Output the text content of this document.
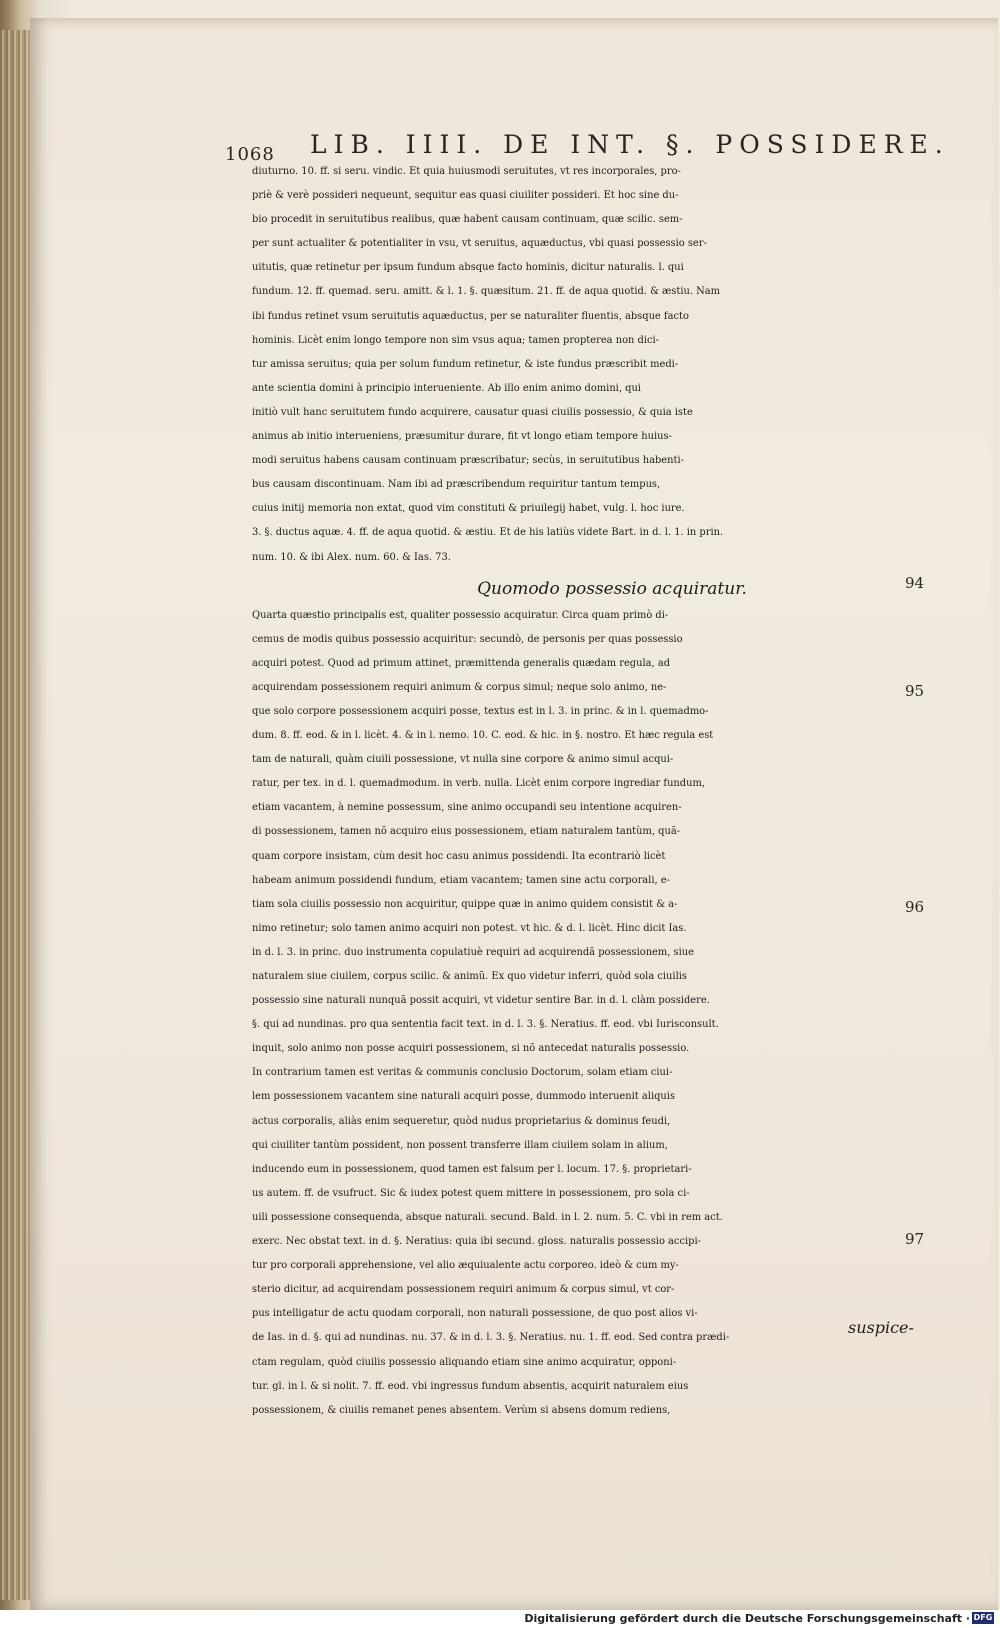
1068 LIB. IIII. DE INT. §. POSSIDERE.
diuturno. 10. ff. si seru. vindic. Et quia huiusmodi seruitutes, vt res incorporales, pro-
priè & verè possideri nequeunt, sequitur eas quasi ciuiliter possideri. Et hoc sine du-
bio procedit in seruitutibus realibus, quæ habent causam continuam, quæ scilic. sem-
per sunt actualiter & potentialiter in vsu, vt seruitus, aquæductus, vbi quasi possessio ser-
uitutis, quæ retinetur per ipsum fundum absque facto hominis, dicitur naturalis. l. qui
fundum. 12. ff. quemad. seru. amitt. & l. 1. §. quæsitum. 21. ff. de aqua quotid. & æstiu. Nam
ibi fundus retinet vsum seruitutis aquæductus, per se naturaliter fluentis, absque facto
hominis. Licèt enim longo tempore non sim vsus aqua; tamen propterea non dici-
tur amissa seruitus; quia per solum fundum retinetur, & iste fundus præscribit medi-
ante scientia domini à principio interueniente. Ab illo enim animo domini, qui
initiò vult hanc seruitutem fundo acquirere, causatur quasi ciuilis possessio, & quia iste
animus ab initio interueniens, præsumitur durare, fit vt longo etiam tempore huius-
modi seruitus habens causam continuam præscribatur; secùs, in seruitutibus habenti-
bus causam discontinuam. Nam ibi ad præscribendum requiritur tantum tempus,
cuius initij memoria non extat, quod vim constituti & priuilegij habet, vulg. l. hoc iure.
3. §. ductus aquæ. 4. ff. de aqua quotid. & æstiu. Et de his latiùs videte Bart. in d. l. 1. in prin.
num. 10. & ibi Alex. num. 60. & Ias. 73.
Quomodo possessio acquiratur.
Quarta quæstio principalis est, qualiter possessio acquiratur. Circa quam primò di-
cemus de modis quibus possessio acquiritur: secundò, de personis per quas possessio
acquiri potest. Quod ad primum attinet, præmittenda generalis quædam regula, ad
acquirendam possessionem requiri animum & corpus simul; neque solo animo, ne-
que solo corpore possessionem acquiri posse, textus est in l. 3. in princ. & in l. quemadmo-
dum. 8. ff. eod. & in l. licèt. 4. & in l. nemo. 10. C. eod. & hic. in §. nostro. Et hæc regula est
tam de naturali, quàm ciuili possessione, vt nulla sine corpore & animo simul acqui-
ratur, per tex. in d. l. quemadmodum. in verb. nulla. Licèt enim corpore ingrediar fundum,
etiam vacantem, à nemine possessum, sine animo occupandi seu intentione acquiren-
di possessionem, tamen nõ acquiro eius possessionem, etiam naturalem tantùm, quã-
quam corpore insistam, cùm desit hoc casu animus possidendi. Ita econtrariò licèt
habeam animum possidendi fundum, etiam vacantem; tamen sine actu corporali, e-
tiam sola ciuilis possessio non acquiritur, quippe quæ in animo quidem consistit & a-
nimo retinetur; solo tamen animo acquiri non potest. vt hic. & d. l. licèt. Hinc dicit Ias.
in d. l. 3. in princ. duo instrumenta copulatiuè requiri ad acquirendã possessionem, siue
naturalem siue ciuilem, corpus scilic. & animũ. Ex quo videtur inferri, quòd sola ciuilis
possessio sine naturali nunquã possit acquiri, vt videtur sentire Bar. in d. l. clàm possidere.
§. qui ad nundinas. pro qua sententia facit text. in d. l. 3. §. Neratius. ff. eod. vbi Iurisconsult.
inquit, solo animo non posse acquiri possessionem, si nõ antecedat naturalis possessio.
In contrarium tamen est veritas & communis conclusio Doctorum, solam etiam ciui-
lem possessionem vacantem sine naturali acquiri posse, dummodo interuenit aliquis
actus corporalis, aliàs enim sequeretur, quòd nudus proprietarius & dominus feudi,
qui ciuiliter tantùm possident, non possent transferre illam ciuilem solam in alium,
inducendo eum in possessionem, quod tamen est falsum per l. locum. 17. §. proprietari-
us autem. ff. de vsufruct. Sic & iudex potest quem mittere in possessionem, pro sola ci-
uili possessione consequenda, absque naturali. secund. Bald. in l. 2. num. 5. C. vbi in rem act.
exerc. Nec obstat text. in d. §. Neratius: quia ibi secund. gloss. naturalis possessio accipi-
tur pro corporali apprehensione, vel alio æquiualente actu corporeo. ideò & cum my-
sterio dicitur, ad acquirendam possessionem requiri animum & corpus simul, vt cor-
pus intelligatur de actu quodam corporali, non naturali possessione, de quo post alios vi-
de Ias. in d. §. qui ad nundinas. nu. 37. & in d. l. 3. §. Neratius. nu. 1. ff. eod. Sed contra prædi-
ctam regulam, quòd ciuilis possessio aliquando etiam sine animo acquiratur, opponi-
tur. gl. in l. & si nolit. 7. ff. eod. vbi ingressus fundum absentis, acquirit naturalem eius
possessionem, & ciuilis remanet penes absentem. Verùm si absens domum rediens,
94
95
96
97
suspice-
Digitalisierung gefördert durch die Deutsche Forschungsgemeinschaft · DFG
